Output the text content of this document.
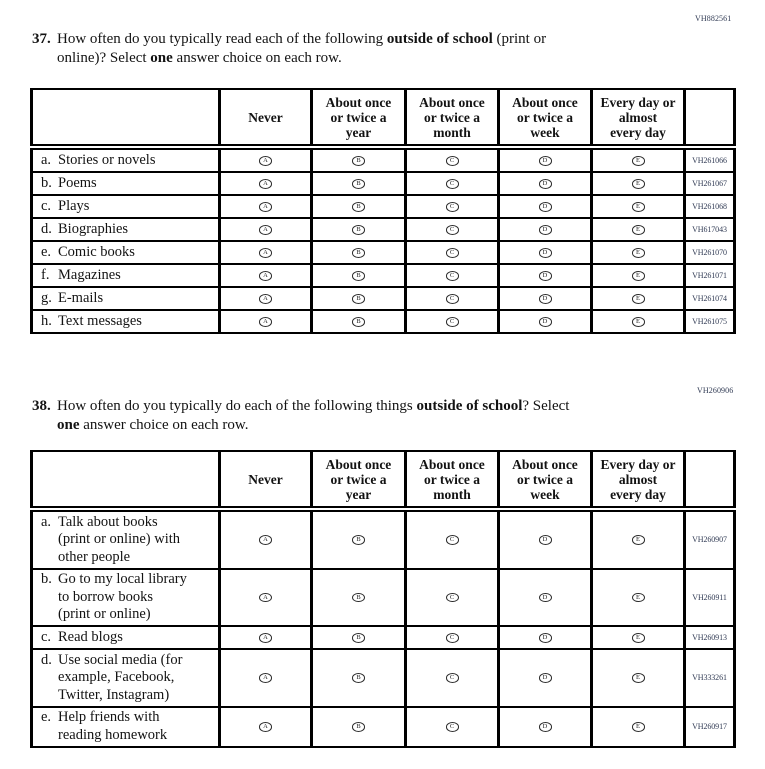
VH882561
37. How often do you typically read each of the following outside of school (print or
online)? Select one answer choice on each row.

Never

About once
or twice a
year

About once
or twice a
month

About once
or twice a
week

Every day or
almost
every day

a. Stories or novels	A	B	C	D	E	VH261066

b. Poems	A	B	C	D	E	VH261067

c. Plays	A	B	C	D	E	VH261068

d. Biographies	A	B	C	D	E	VH617043

e. Comic books	A	B	C	D	E	VH261070

f. Magazines	A	B	C	D	E	VH261071

g. E-mails	A	B	C	D	E	VH261074

h. Text messages	A	B	C	D	E	VH261075
VH260906
38. How often do you typically do each of the following things outside of school? Select
one answer choice on each row.

Never

About once
or twice a
year

About once
or twice a
month

About once
or twice a
week

Every day or
almost
every day

a. Talk about books
(print or online) with
other people	A	B	C	D	E	VH260907

b. Go to my local library
to borrow books
(print or online)	A	B	C	D	E	VH260911

c. Read blogs	A	B	C	D	E	VH260913

d. Use social media (for
example, Facebook,
Twitter, Instagram)	A	B	C	D	E	VH333261

e. Help friends with
reading homework	A	B	C	D	E	VH260917
